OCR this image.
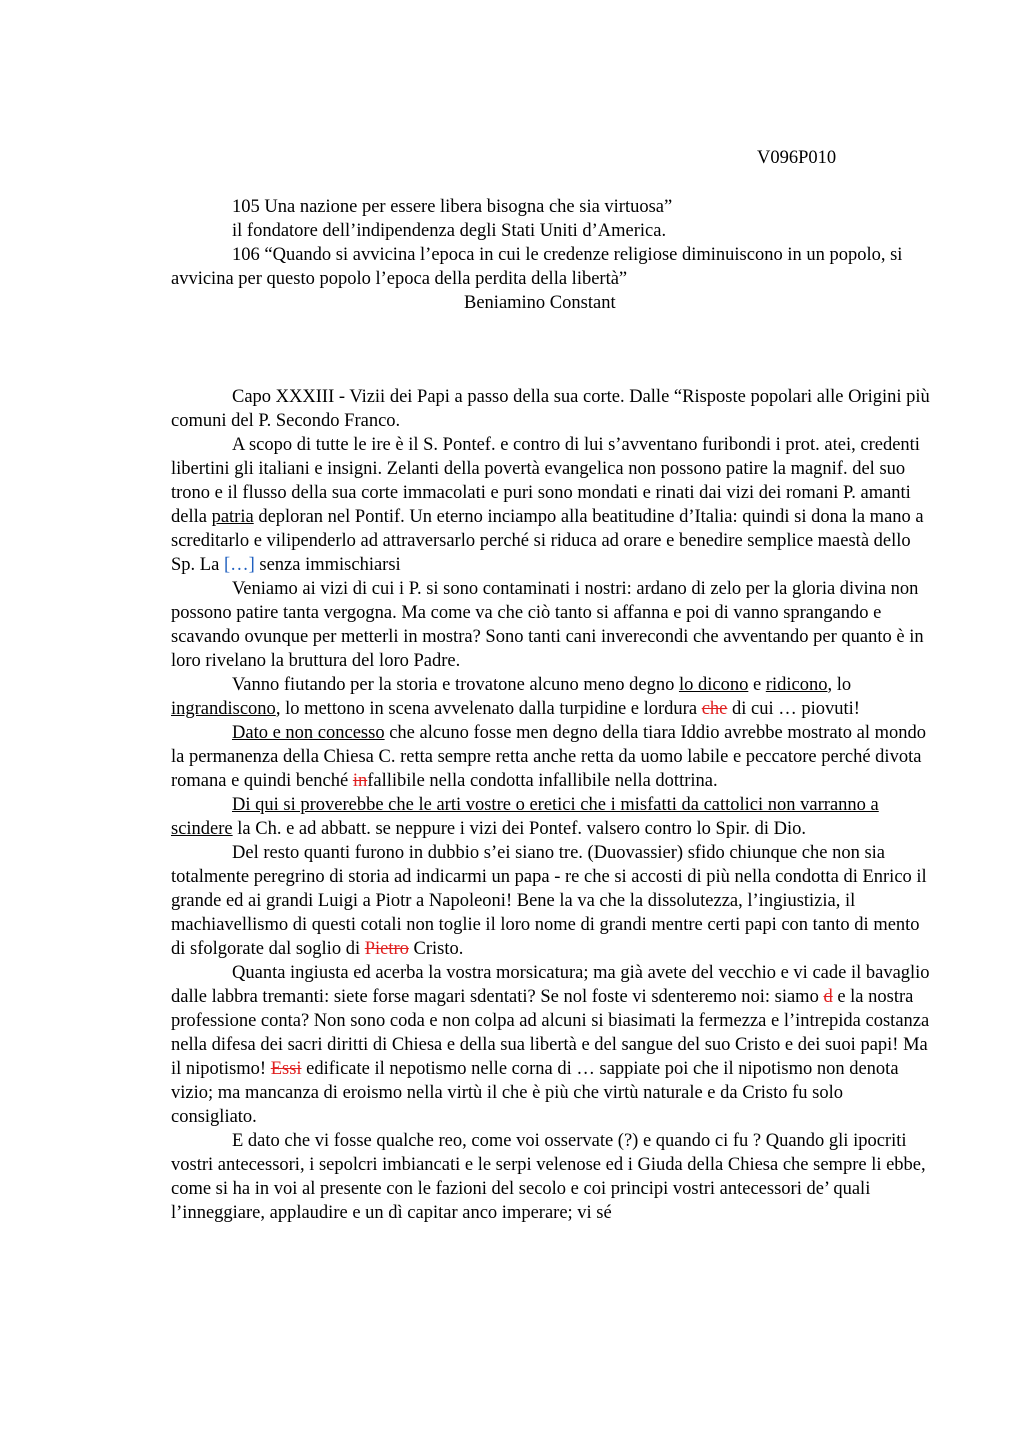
V096P010

105 Una nazione per essere libera bisogna che sia virtuosa”

il fondatore dell’indipendenza degli Stati Uniti d’America.

106 “Quando si avvicina l’epoca in cui le credenze religiose diminuiscono in un popolo, si avvicina per questo popolo l’epoca della perdita della libertà”

Beniamino Constant

Capo XXXIII - Vizii dei Papi a passo della sua corte. Dalle “Risposte popolari alle Origini più comuni del P. Secondo Franco.

A scopo di tutte le ire è il S. Pontef. e contro di lui s’avventano furibondi i prot. atei, credenti libertini gli italiani e insigni. Zelanti della povertà evangelica non possono patire la magnif. del suo trono e il flusso della sua corte immacolati e puri sono mondati e rinati dai vizi dei romani P. amanti della patria deploran nel Pontif. Un eterno inciampo alla beatitudine d’Italia: quindi si dona la mano a screditarlo e vilipenderlo ad attraversarlo perché si riduca ad orare e benedire semplice maestà dello Sp. La […] senza immischiarsi

Veniamo ai vizi di cui i P. si sono contaminati i nostri: ardano di zelo per la gloria divina non possono patire tanta vergogna. Ma come va che ciò tanto si affanna e poi di vanno sprangando e scavando ovunque per metterli in mostra? Sono tanti cani inverecondi che avventando per quanto è in loro rivelano la bruttura del loro Padre.

Vanno fiutando per la storia e trovatone alcuno meno degno lo dicono e ridicono, lo ingrandiscono, lo mettono in scena avvelenato dalla turpidine e lordura che di cui … piovuti!

Dato e non concesso che alcuno fosse men degno della tiara Iddio avrebbe mostrato al mondo la permanenza della Chiesa C. retta sempre retta anche retta da uomo labile e peccatore perché divota romana e quindi benché infallibile nella condotta infallibile nella dottrina.

Di qui si proverebbe che le arti vostre o eretici che i misfatti da cattolici non varranno a scindere la Ch. e ad abbatt. se neppure i vizi dei Pontef. valsero contro lo Spir. di Dio.

Del resto quanti furono in dubbio s’ei siano tre. (Duovassier) sfido chiunque che non sia totalmente peregrino di storia ad indicarmi un papa - re che si accosti di più nella condotta di Enrico il grande ed ai grandi Luigi a Piotr a Napoleoni! Bene la va che la dissolutezza, l’ingiustizia, il machiavellismo di questi cotali non toglie il loro nome di grandi mentre certi papi con tanto di mento di sfolgorate dal soglio di Pietro Cristo.

Quanta ingiusta ed acerba la vostra morsicatura; ma già avete del vecchio e vi cade il bavaglio dalle labbra tremanti: siete forse magari sdentati? Se nol foste vi sdenteremo noi: siamo d e la nostra professione conta? Non sono coda e non colpa ad alcuni si biasimati la fermezza e l’intrepida costanza nella difesa dei sacri diritti di Chiesa e della sua libertà e del sangue del suo Cristo e dei suoi papi! Ma il nipotismo! Essi edificate il nepotismo nelle corna di … sappiate poi che il nipotismo non denota vizio; ma mancanza di eroismo nella virtù il che è più che virtù naturale e da Cristo fu solo consigliato.

E dato che vi fosse qualche reo, come voi osservate (?) e quando ci fu ? Quando gli ipocriti vostri antecessori, i sepolcri imbiancati e le serpi velenose ed i Giuda della Chiesa che sempre li ebbe, come si ha in voi al presente con le fazioni del secolo e coi principi vostri antecessori de’ quali l’inneggiare, applaudire e un dì capitar anco imperare; vi sé
